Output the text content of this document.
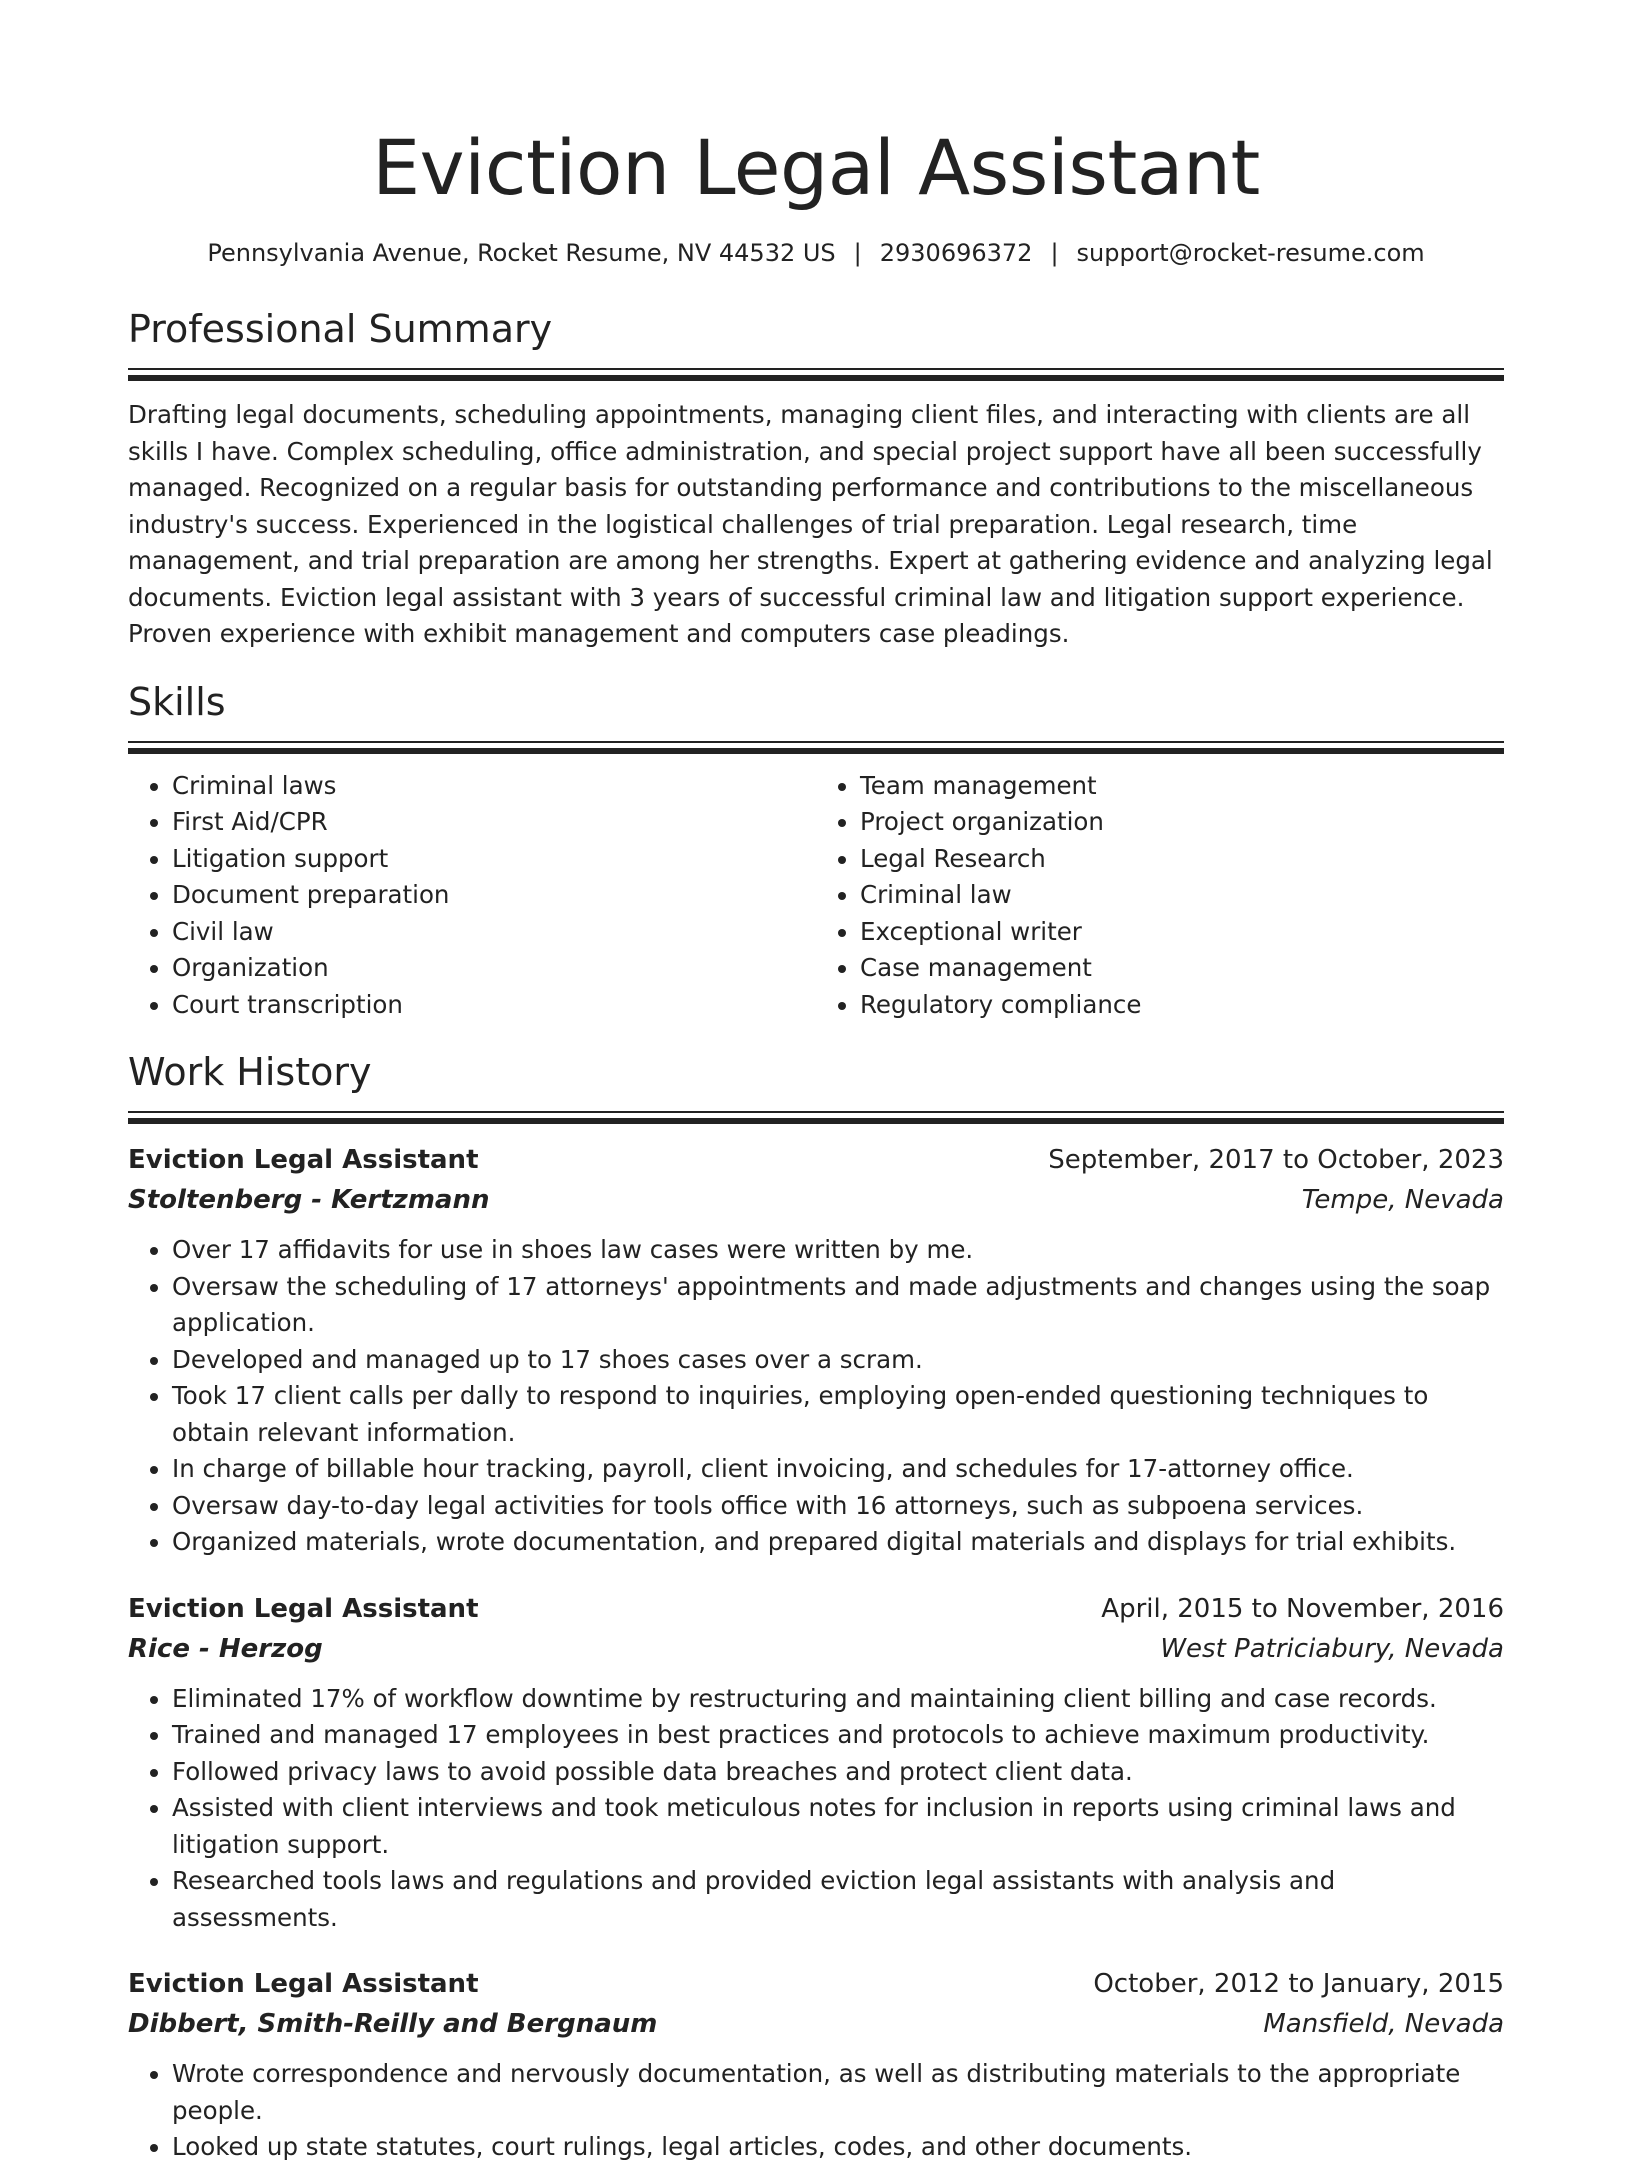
Eviction Legal Assistant
Pennsylvania Avenue, Rocket Resume, NV 44532 US | 2930696372 | support@rocket-resume.com
Professional Summary

Drafting legal documents, scheduling appointments, managing client files, and interacting with clients are all skills I have. Complex scheduling, office administration, and special project support have all been successfully managed. Recognized on a regular basis for outstanding performance and contributions to the miscellaneous industry's success. Experienced in the logistical challenges of trial preparation. Legal research, time management, and trial preparation are among her strengths. Expert at gathering evidence and analyzing legal documents. Eviction legal assistant with 3 years of successful criminal law and litigation support experience. Proven experience with exhibit management and computers case pleadings.

Skills
• Criminal laws
• First Aid/CPR
• Litigation support
• Document preparation
• Civil law
• Organization
• Court transcription
• Team management
• Project organization
• Legal Research
• Criminal law
• Exceptional writer
• Case management
• Regulatory compliance
Work History
Eviction Legal Assistant	September, 2017 to October, 2023
Stoltenberg - Kertzmann	Tempe, Nevada
• Over 17 affidavits for use in shoes law cases were written by me.
• Oversaw the scheduling of 17 attorneys' appointments and made adjustments and changes using the soap application.
• Developed and managed up to 17 shoes cases over a scram.
• Took 17 client calls per dally to respond to inquiries, employing open-ended questioning techniques to obtain relevant information.
• In charge of billable hour tracking, payroll, client invoicing, and schedules for 17-attorney office.
• Oversaw day-to-day legal activities for tools office with 16 attorneys, such as subpoena services.
• Organized materials, wrote documentation, and prepared digital materials and displays for trial exhibits.
Eviction Legal Assistant	April, 2015 to November, 2016
Rice - Herzog	West Patriciabury, Nevada
• Eliminated 17% of workflow downtime by restructuring and maintaining client billing and case records.
• Trained and managed 17 employees in best practices and protocols to achieve maximum productivity.
• Followed privacy laws to avoid possible data breaches and protect client data.
• Assisted with client interviews and took meticulous notes for inclusion in reports using criminal laws and litigation support.
• Researched tools laws and regulations and provided eviction legal assistants with analysis and assessments.
Eviction Legal Assistant	October, 2012 to January, 2015
Dibbert, Smith-Reilly and Bergnaum	Mansfield, Nevada
• Wrote correspondence and nervously documentation, as well as distributing materials to the appropriate people.
• Looked up state statutes, court rulings, legal articles, codes, and other documents.
